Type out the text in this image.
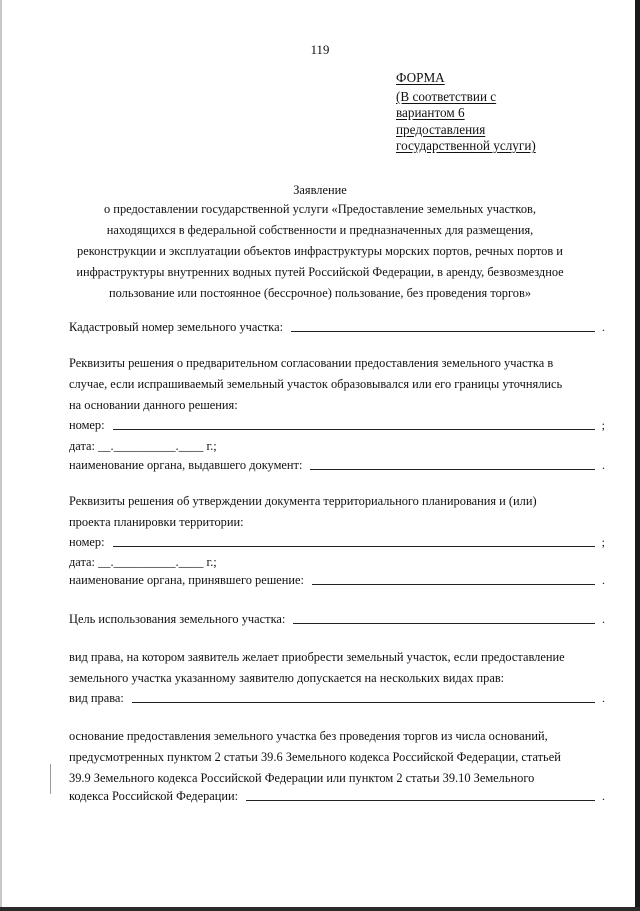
119
ФОРМА
(В соответствии с
вариантом 6
предоставления
государственной услуги)
Заявление
о предоставлении государственной услуги «Предоставление земельных участков,
находящихся в федеральной собственности и предназначенных для размещения,
реконструкции и эксплуатации объектов инфраструктуры морских портов, речных портов и
инфраструктуры внутренних водных путей Российской Федерации, в аренду, безвозмездное
пользование или постоянное (бессрочное) пользование, без проведения торгов»
Кадастровый номер земельного участка:	.
Реквизиты решения о предварительном согласовании предоставления земельного участка в
случае, если испрашиваемый земельный участок образовывался или его границы уточнялись
на основании данного решения:
номер:	;
дата: __.__________.____ г.;
наименование органа, выдавшего документ:	.
Реквизиты решения об утверждении документа территориального планирования и (или)
проекта планировки территории:
номер:	;
дата: __.__________.____ г.;
наименование органа, принявшего решение:	.
Цель использования земельного участка:	.
вид права, на котором заявитель желает приобрести земельный участок, если предоставление
земельного участка указанному заявителю допускается на нескольких видах прав:
вид права:	.
основание предоставления земельного участка без проведения торгов из числа оснований,
предусмотренных пунктом 2 статьи 39.6 Земельного кодекса Российской Федерации, статьей
39.9 Земельного кодекса Российской Федерации или пунктом 2 статьи 39.10 Земельного
кодекса Российской Федерации:	.
